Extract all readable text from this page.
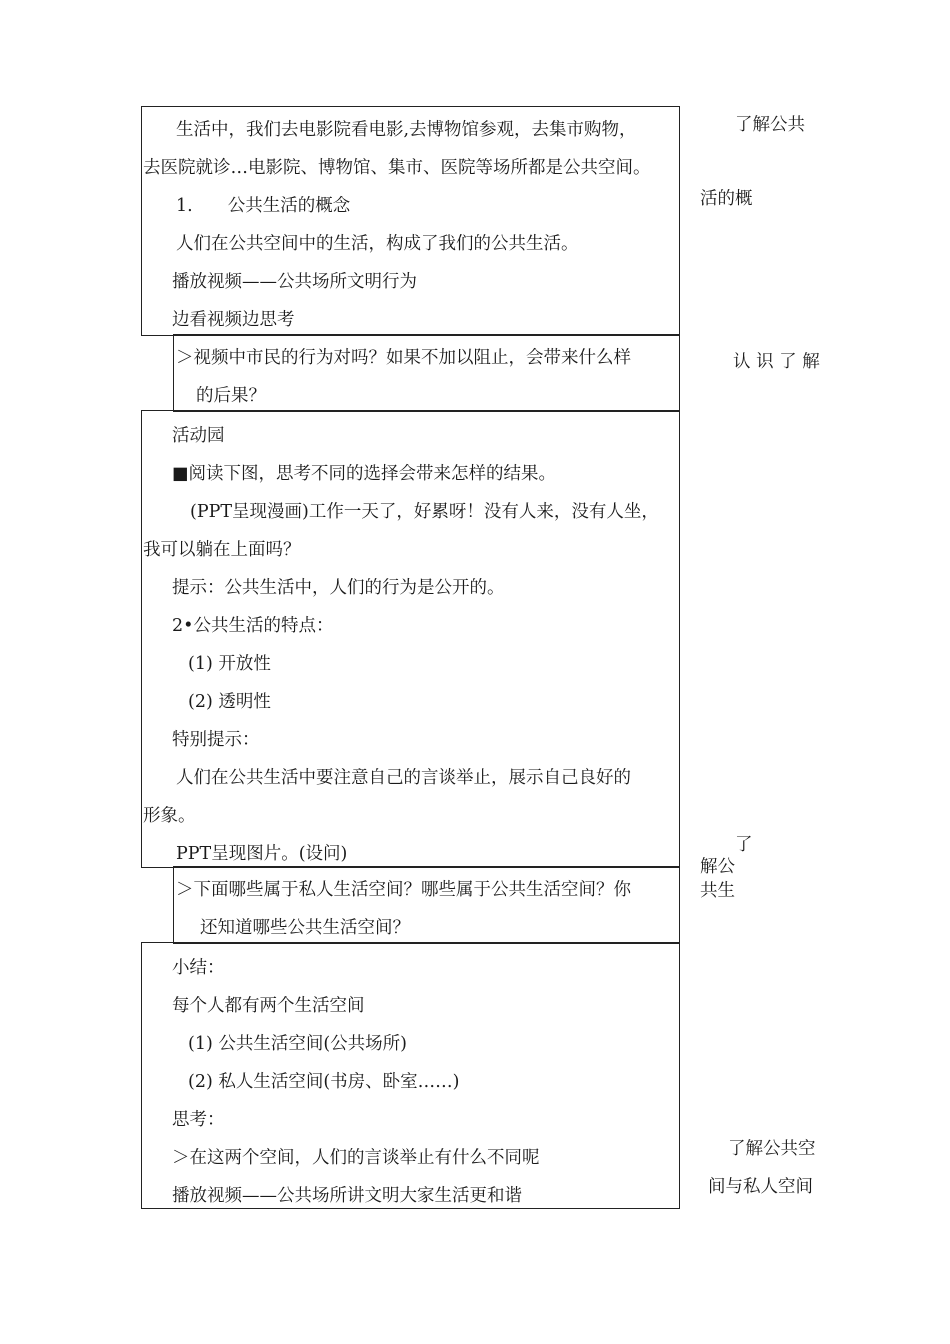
生活中，我们去电影院看电影,去博物馆参观，去集市购物，
去医院就诊…电影院、博物馆、集市、医院等场所都是公共空间。
1.　　公共生活的概念
人们在公共空间中的生活，构成了我们的公共生活。
播放视频——公共场所文明行为
边看视频边思考
＞视频中市民的行为对吗？如果不加以阻止，会带来什么样
的后果？
活动园
■阅读下图，思考不同的选择会带来怎样的结果。
(PPT呈现漫画)工作一天了，好累呀！没有人来，没有人坐，
我可以躺在上面吗？
提示：公共生活中，人们的行为是公开的。
2•公共生活的特点：
(1) 开放性
(2) 透明性
特别提示：
人们在公共生活中要注意自己的言谈举止，展示自己良好的
形象。
PPT呈现图片。(设问)
＞下面哪些属于私人生活空间？哪些属于公共生活空间？你
还知道哪些公共生活空间？
小结：
每个人都有两个生活空间
(1) 公共生活空间(公共场所)
(2) 私人生活空间(书房、卧室……)
思考：
＞在这两个空间，人们的言谈举止有什么不同呢
播放视频——公共场所讲文明大家生活更和谐
了解公共
活的概
认 识 了 解
了
解公
共生
了解公共空
间与私人空间
